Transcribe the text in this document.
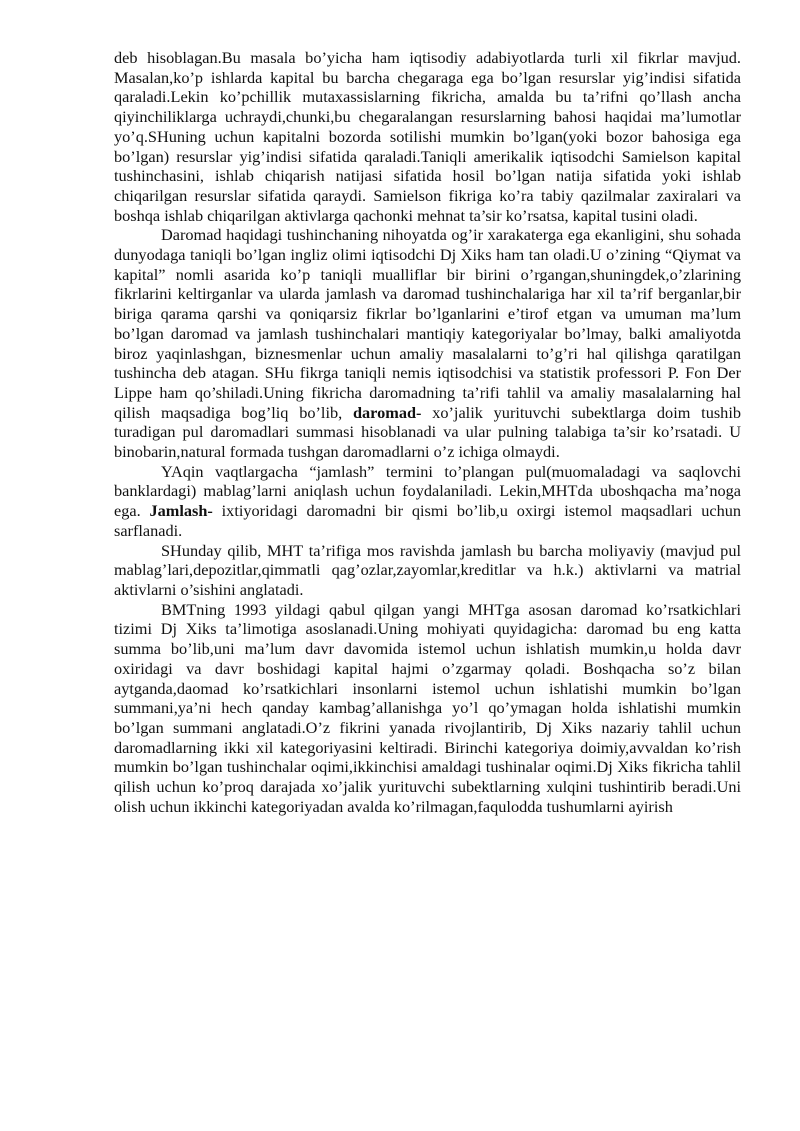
deb hisoblagan.Bu masala bo’yicha ham iqtisodiy adabiyotlarda turli xil fikrlar mavjud. Masalan,ko’p ishlarda kapital bu barcha chegaraga ega bo’lgan resurslar yig’indisi sifatida qaraladi.Lekin ko’pchillik mutaxassislarning fikricha, amalda bu ta’rifni qo’llash ancha qiyinchiliklarga uchraydi,chunki,bu chegaralangan resurslarning bahosi haqidai ma’lumotlar yo’q.SHuning uchun kapitalni bozorda sotilishi mumkin bo’lgan(yoki bozor bahosiga ega bo’lgan) resurslar yig’indisi sifatida qaraladi.Taniqli amerikalik iqtisodchi Samielson kapital tushinchasini, ishlab chiqarish natijasi sifatida hosil bo’lgan natija sifatida yoki ishlab chiqarilgan resurslar sifatida qaraydi. Samielson fikriga ko’ra tabiy qazilmalar zaxiralari va boshqa ishlab chiqarilgan aktivlarga qachonki mehnat ta’sir ko’rsatsa, kapital tusini oladi.

Daromad haqidagi tushinchaning nihoyatda og’ir xarakaterga ega ekanligini, shu sohada dunyodaga taniqli bo’lgan ingliz olimi iqtisodchi Dj Xiks ham tan oladi.U o’zining “Qiymat va kapital” nomli asarida ko’p taniqli mualliflar bir birini o’rgangan,shuningdek,o’zlarining fikrlarini keltirganlar va ularda jamlash va daromad tushinchalariga har xil ta’rif berganlar,bir biriga qarama qarshi va qoniqarsiz fikrlar bo’lganlarini e’tirof etgan va umuman ma’lum bo’lgan daromad va jamlash tushinchalari mantiqiy kategoriyalar bo’lmay, balki amaliyotda biroz yaqinlashgan, biznesmenlar uchun amaliy masalalarni to’g’ri hal qilishga qaratilgan tushincha deb atagan. SHu fikrga taniqli nemis iqtisodchisi va statistik professori P. Fon Der Lippe ham qo’shiladi.Uning fikricha daromadning ta’rifi tahlil va amaliy masalalarning hal qilish maqsadiga bog’liq bo’lib, daromad- xo’jalik yurituvchi subektlarga doim tushib turadigan pul daromadlari summasi hisoblanadi va ular pulning talabiga ta’sir ko’rsatadi. U binobarin,natural formada tushgan daromadlarni o’z ichiga olmaydi.

YAqin vaqtlargacha “jamlash” termini to’plangan pul(muomaladagi va saqlovchi banklardagi) mablag’larni aniqlash uchun foydalaniladi. Lekin,MHTda uboshqacha ma’noga ega. Jamlash- ixtiyoridagi daromadni bir qismi bo’lib,u oxirgi istemol maqsadlari uchun sarflanadi.

SHunday qilib, MHT ta’rifiga mos ravishda jamlash bu barcha moliyaviy (mavjud pul mablag’lari,depozitlar,qimmatli qag’ozlar,zayomlar,kreditlar va h.k.) aktivlarni va matrial aktivlarni o’sishini anglatadi.

BMTning 1993 yildagi qabul qilgan yangi MHTga asosan daromad ko’rsatkichlari tizimi Dj Xiks ta’limotiga asoslanadi.Uning mohiyati quyidagicha: daromad bu eng katta summa bo’lib,uni ma’lum davr davomida istemol uchun ishlatish mumkin,u holda davr oxiridagi va davr boshidagi kapital hajmi o’zgarmay qoladi. Boshqacha so’z bilan aytganda,daomad ko’rsatkichlari insonlarni istemol uchun ishlatishi mumkin bo’lgan summani,ya’ni hech qanday kambag’allanishga yo’l qo’ymagan holda ishlatishi mumkin bo’lgan summani anglatadi.O’z fikrini yanada rivojlantirib, Dj Xiks nazariy tahlil uchun daromadlarning ikki xil kategoriyasini keltiradi. Birinchi kategoriya doimiy,avvaldan ko’rish mumkin bo’lgan tushinchalar oqimi,ikkinchisi amaldagi tushinalar oqimi.Dj Xiks fikricha tahlil qilish uchun ko’proq darajada xo’jalik yurituvchi subektlarning xulqini tushintirib beradi.Uni olish uchun ikkinchi kategoriyadan avalda ko’rilmagan,faqulodda tushumlarni ayirish
